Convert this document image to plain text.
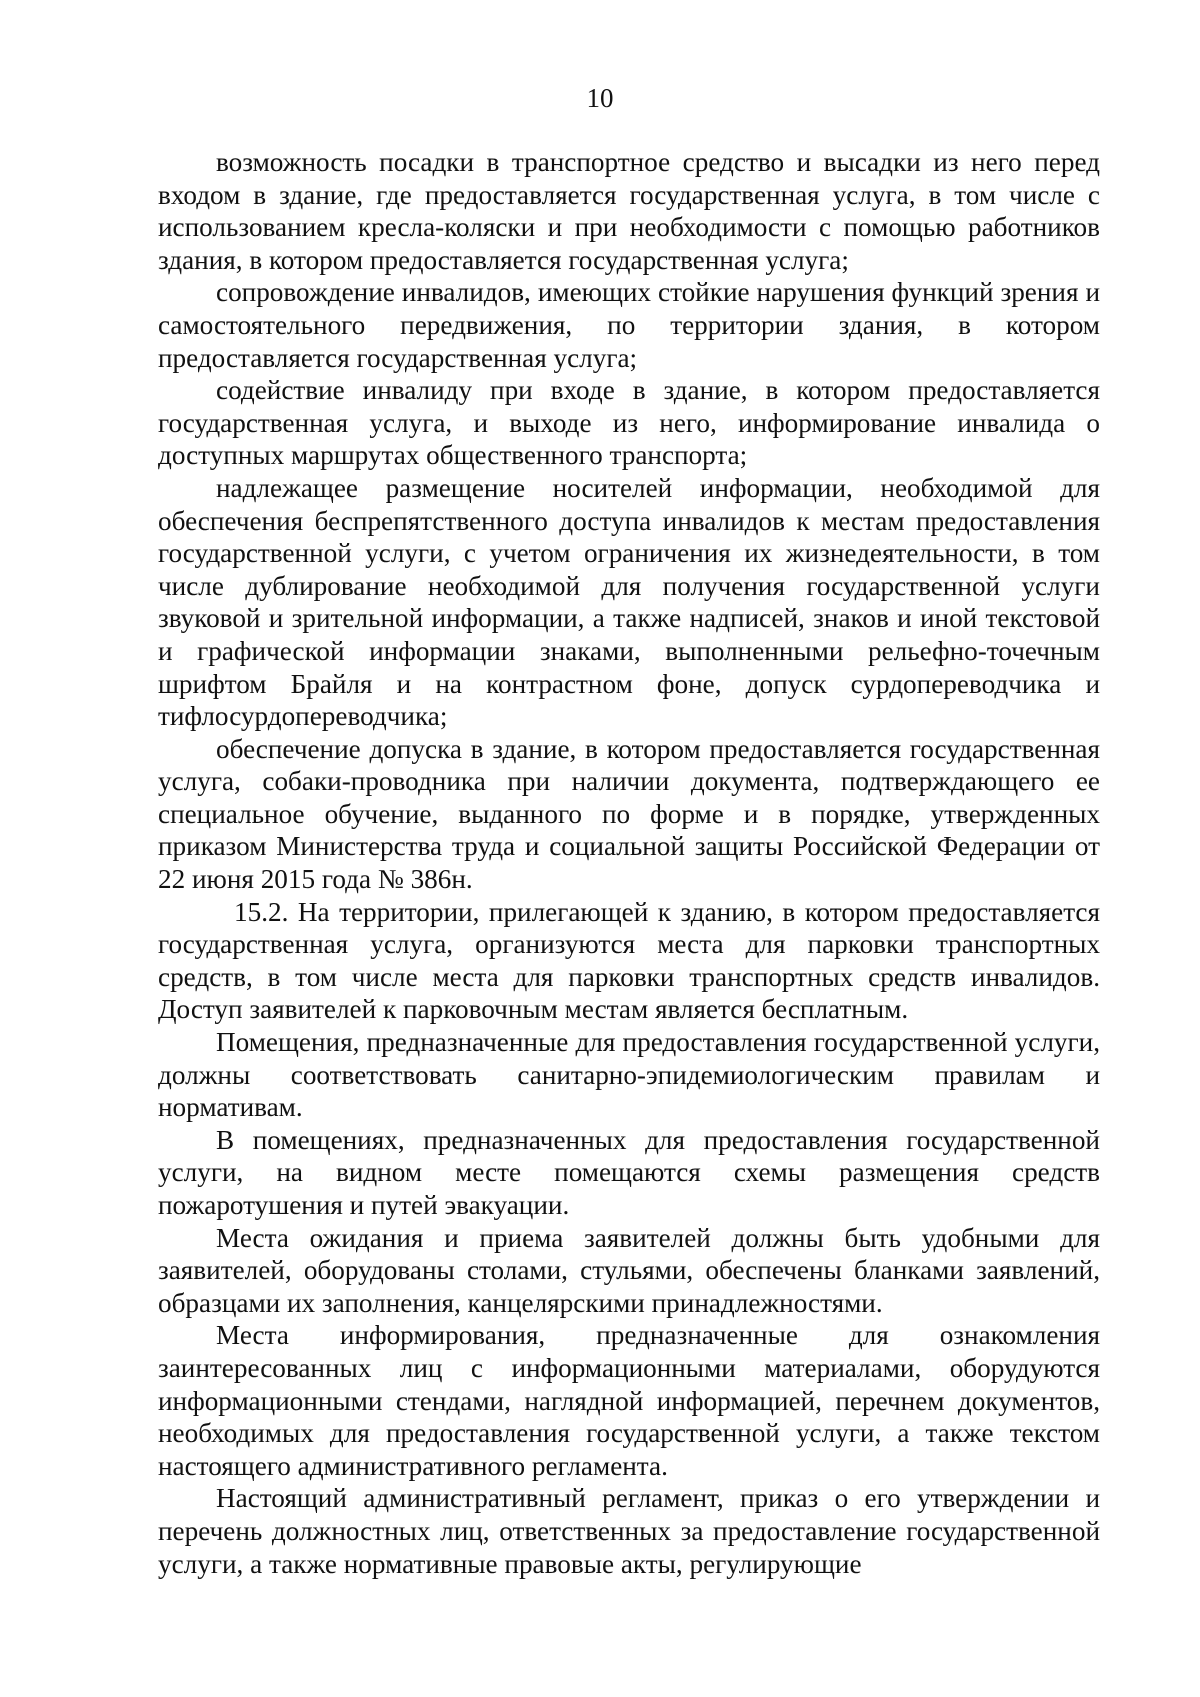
10

возможность посадки в транспортное средство и высадки из него перед входом в здание, где предоставляется государственная услуга, в том числе с использованием кресла-коляски и при необходимости с помощью работников здания, в котором предоставляется государственная услуга;

сопровождение инвалидов, имеющих стойкие нарушения функций зрения и самостоятельного передвижения, по территории здания, в котором предоставляется государственная услуга;

содействие инвалиду при входе в здание, в котором предоставляется государственная услуга, и выходе из него, информирование инвалида о доступных маршрутах общественного транспорта;

надлежащее размещение носителей информации, необходимой для обеспечения беспрепятственного доступа инвалидов к местам предоставления государственной услуги, с учетом ограничения их жизнедеятельности, в том числе дублирование необходимой для получения государственной услуги звуковой и зрительной информации, а также надписей, знаков и иной текстовой и графической информации знаками, выполненными рельефно-точечным шрифтом Брайля и на контрастном фоне, допуск сурдопереводчика и тифлосурдопереводчика;

обеспечение допуска в здание, в котором предоставляется государственная услуга, собаки-проводника при наличии документа, подтверждающего ее специальное обучение, выданного по форме и в порядке, утвержденных приказом Министерства труда и социальной защиты Российской Федерации от 22 июня 2015 года № 386н.

15.2. На территории, прилегающей к зданию, в котором предоставляется государственная услуга, организуются места для парковки транспортных средств, в том числе места для парковки транспортных средств инвалидов. Доступ заявителей к парковочным местам является бесплатным.

Помещения, предназначенные для предоставления государственной услуги, должны соответствовать санитарно-эпидемиологическим правилам и нормативам.

В помещениях, предназначенных для предоставления государственной услуги, на видном месте помещаются схемы размещения средств пожаротушения и путей эвакуации.

Места ожидания и приема заявителей должны быть удобными для заявителей, оборудованы столами, стульями, обеспечены бланками заявлений, образцами их заполнения, канцелярскими принадлежностями.

Места информирования, предназначенные для ознакомления заинтересованных лиц с информационными материалами, оборудуются информационными стендами, наглядной информацией, перечнем документов, необходимых для предоставления государственной услуги, а также текстом настоящего административного регламента.

Настоящий административный регламент, приказ о его утверждении и перечень должностных лиц, ответственных за предоставление государственной услуги, а также нормативные правовые акты, регулирующие
